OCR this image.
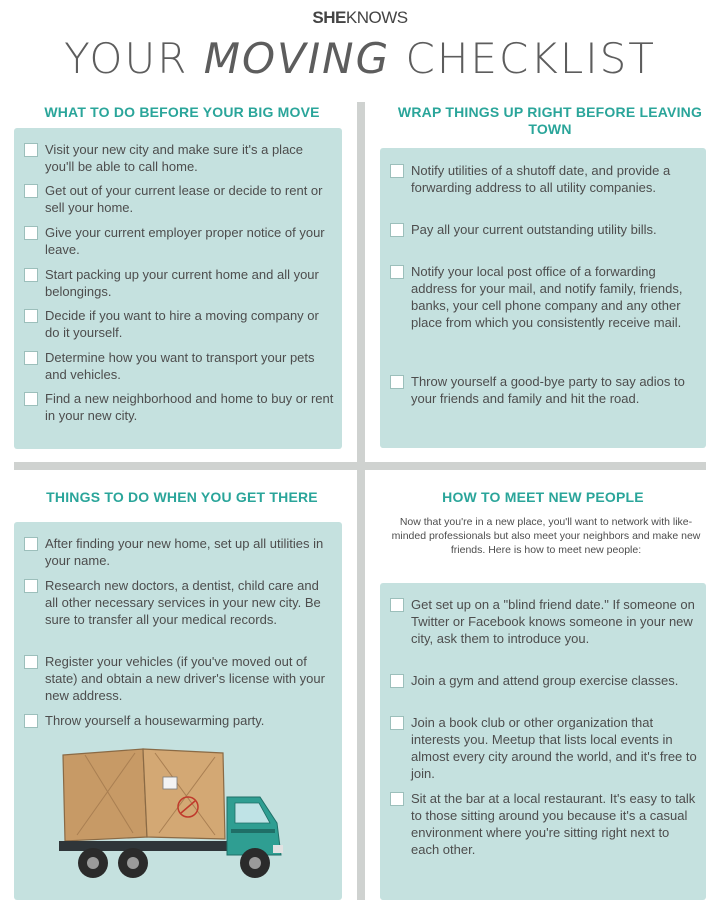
SHEKNOWS
YOUR MOVING CHECKLIST
WHAT TO DO BEFORE YOUR BIG MOVE
Visit your new city and make sure it's a place you'll be able to call home.
Get out of your current lease or decide to rent or sell your home.
Give your current employer proper notice of your leave.
Start packing up your current home and all your belongings.
Decide if you want to hire a moving company or do it yourself.
Determine how you want to transport your pets and vehicles.
Find a new neighborhood and home to buy or rent in your new city.
WRAP THINGS UP RIGHT BEFORE LEAVING TOWN
Notify utilities of a shutoff date, and provide a forwarding address to all utility companies.
Pay all your current outstanding utility bills.
Notify your local post office of a forwarding address for your mail, and notify family, friends, banks, your cell phone company and any other place from which you consistently receive mail.
Throw yourself a good-bye party to say adios to your friends and family and hit the road.
THINGS TO DO WHEN YOU GET THERE
After finding your new home, set up all utilities in your name.
Research new doctors, a dentist, child care and all other necessary services in your new city. Be sure to transfer all your medical records.
Register your vehicles (if you've moved out of state) and obtain a new driver's license with your new address.
Throw yourself a housewarming party.
HOW TO MEET NEW PEOPLE
Now that you're in a new place, you'll want to network with like-minded professionals but also meet your neighbors and make new friends. Here is how to meet new people:
Get set up on a "blind friend date." If someone on Twitter or Facebook knows someone in your new city, ask them to introduce you.
Join a gym and attend group exercise classes.
Join a book club or other organization that interests you. Meetup that lists local events in almost every city around the world, and it's free to join.
Sit at the bar at a local restaurant. It's easy to talk to those sitting around you because it's a casual environment where you're sitting right next to each other.
